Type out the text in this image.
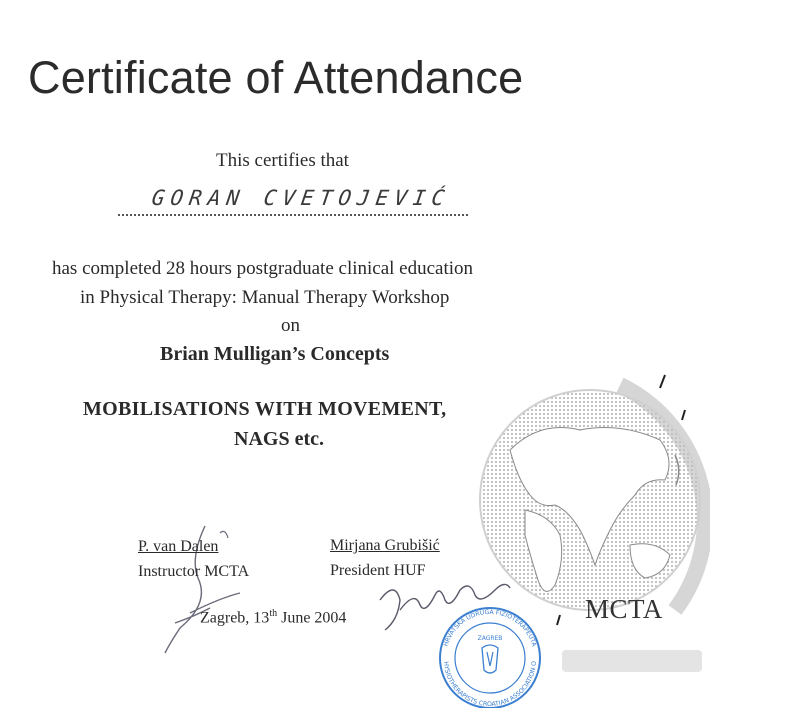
Certificate of Attendance
This certifies that
GORAN CVETOJEVIĆ
has completed 28 hours postgraduate clinical education
in Physical Therapy: Manual Therapy Workshop
on
Brian Mulligan’s Concepts
MOBILISATIONS WITH MOVEMENT,
NAGS etc.
MCTA
P. van Dalen
Instructor MCTA
Mirjana Grubišić
President HUF
Zagreb, 13th June 2004
HRVATSKA UDRUGA FIZIOTERAPEUTA
HYSIOTHERAPISTS CROATIAN ASSOCIATION O
ZAGREB
